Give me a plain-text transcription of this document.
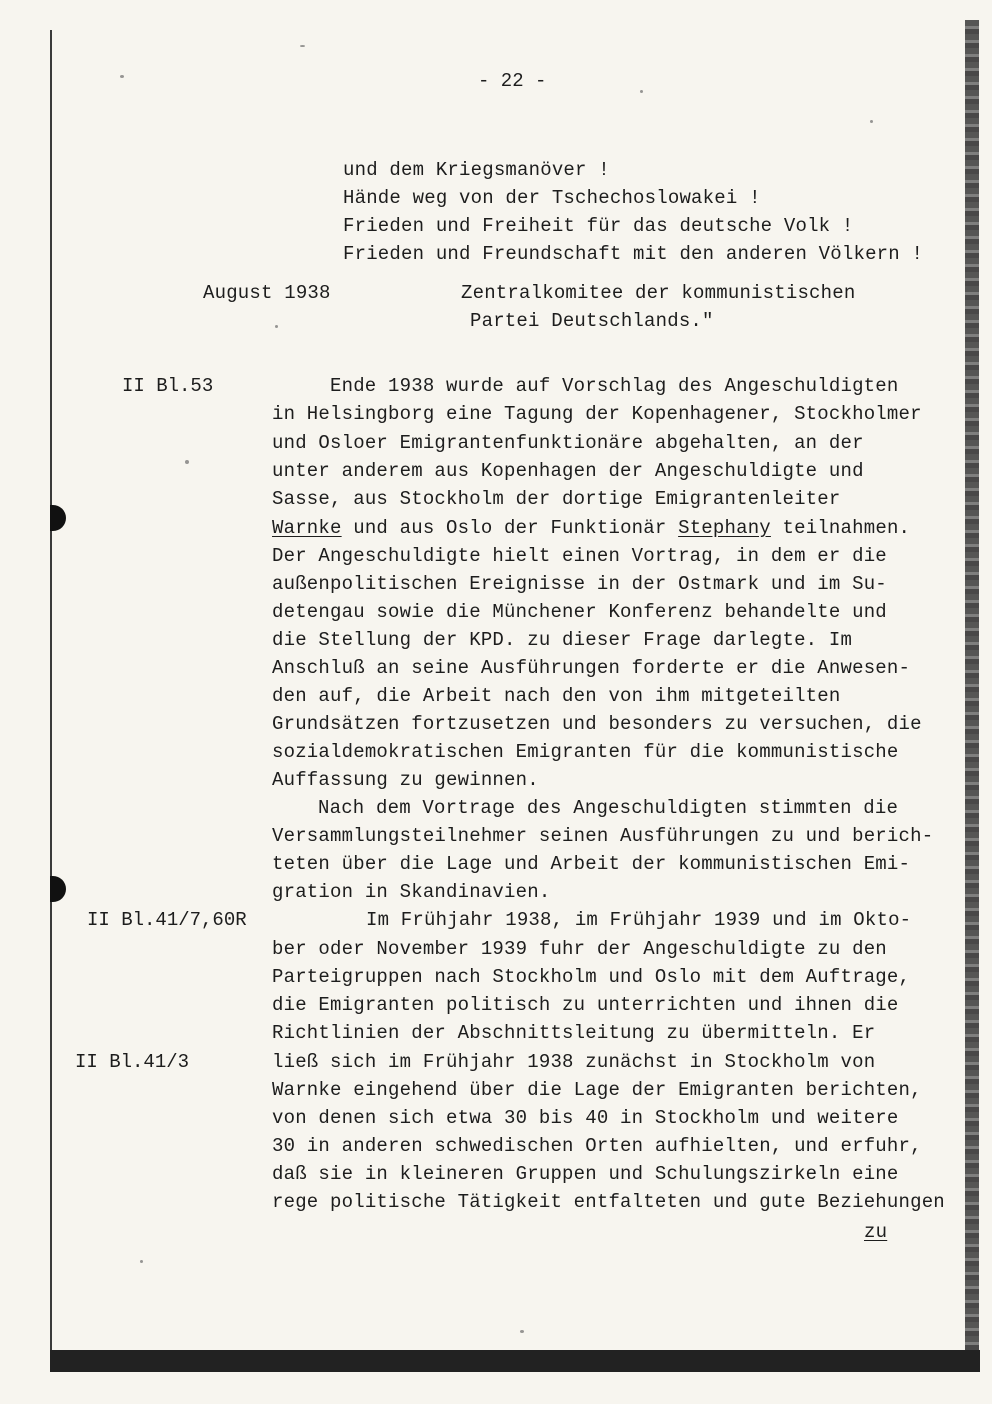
- 22 -
und dem Kriegsmanöver !
Hände weg von der Tschechoslowakei !
Frieden und Freiheit für das deutsche Volk !
Frieden und Freundschaft mit den anderen Völkern !
August 1938	Zentralkomitee der kommunistischen
Partei Deutschlands."
II Bl.53
II Bl.41/7,60R
II Bl.41/3
Ende 1938 wurde auf Vorschlag des Angeschuldigten
in Helsingborg eine Tagung der Kopenhagener, Stockholmer
und Osloer Emigrantenfunktionäre abgehalten, an der
unter anderem aus Kopenhagen der Angeschuldigte und
Sasse, aus Stockholm der dortige Emigrantenleiter
Warnke und aus Oslo der Funktionär Stephany teilnahmen.
Der Angeschuldigte hielt einen Vortrag, in dem er die
außenpolitischen Ereignisse in der Ostmark und im Su-
detengau sowie die Münchener Konferenz behandelte und
die Stellung der KPD. zu dieser Frage darlegte. Im
Anschluß an seine Ausführungen forderte er die Anwesen-
den auf, die Arbeit nach den von ihm mitgeteilten
Grundsätzen fortzusetzen und besonders zu versuchen, die
sozialdemokratischen Emigranten für die kommunistische
Auffassung zu gewinnen.
Nach dem Vortrage des Angeschuldigten stimmten die
Versammlungsteilnehmer seinen Ausführungen zu und berich-
teten über die Lage und Arbeit der kommunistischen Emi-
gration in Skandinavien.
Im Frühjahr 1938, im Frühjahr 1939 und im Okto-
ber oder November 1939 fuhr der Angeschuldigte zu den
Parteigruppen nach Stockholm und Oslo mit dem Auftrage,
die Emigranten politisch zu unterrichten und ihnen die
Richtlinien der Abschnittsleitung zu übermitteln. Er
ließ sich im Frühjahr 1938 zunächst in Stockholm von
Warnke eingehend über die Lage der Emigranten berichten,
von denen sich etwa 30 bis 40 in Stockholm und weitere
30 in anderen schwedischen Orten aufhielten, und erfuhr,
daß sie in kleineren Gruppen und Schulungszirkeln eine
rege politische Tätigkeit entfalteten und gute Beziehungen
zu
